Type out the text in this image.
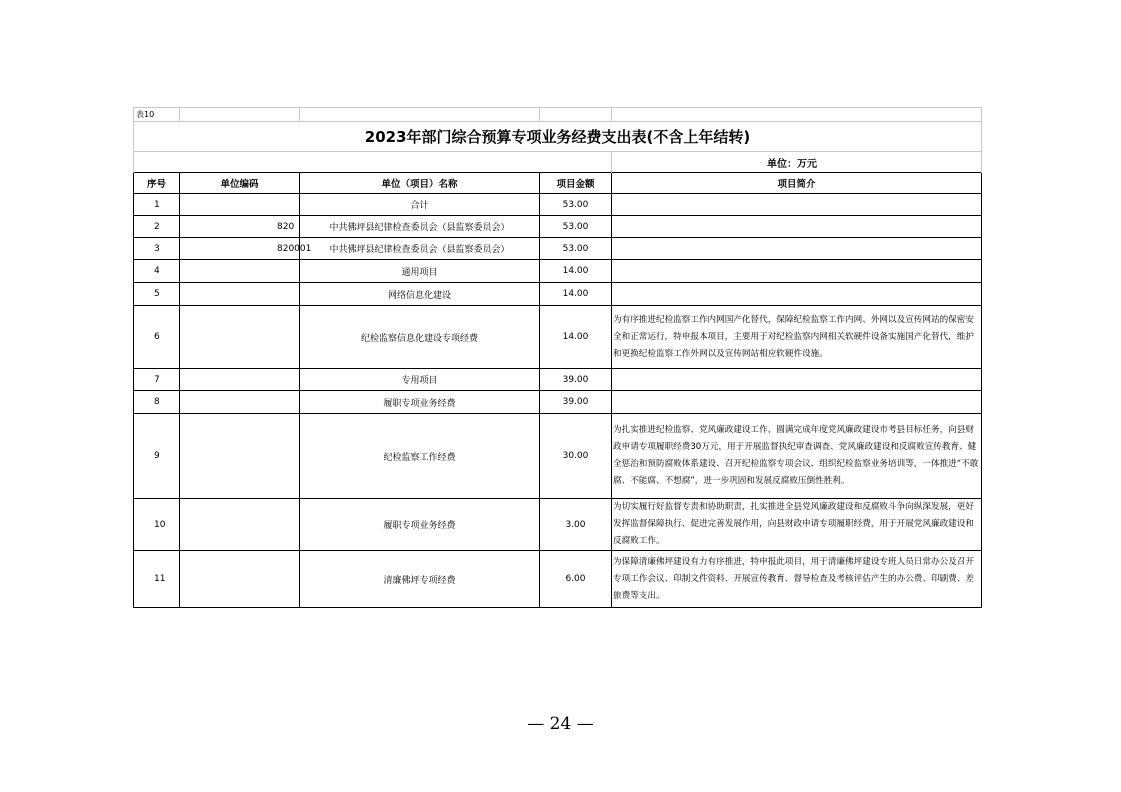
表10				
2023年部门综合预算专项业务经费支出表(不含上年结转)				
				单位：万元
序号	单位编码	单位（项目）名称	项目金额	项目简介
1		合计	53.00	
2	820	中共佛坪县纪律检查委员会（县监察委员会）	53.00	
3	820001	中共佛坪县纪律检查委员会（县监察委员会）	53.00	
4		通用项目	14.00	
5		网络信息化建设	14.00	
6		纪检监察信息化建设专项经费	14.00	为有序推进纪检监察工作内网国产化替代，保障纪检监察工作内网、外网以及宣传网站的保密安全和正常运行，特申报本项目，主要用于对纪检监察内网相关软硬件设备实施国产化替代，维护和更换纪检监察工作外网以及宣传网站相应软硬件设施。
7		专用项目	39.00	
8		履职专项业务经费	39.00	
9		纪检监察工作经费	30.00	为扎实推进纪检监察、党风廉政建设工作，圆满完成年度党风廉政建设市考县目标任务，向县财政申请专项履职经费30万元，用于开展监督执纪审查调查、党风廉政建设和反腐败宣传教育、健全惩治和预防腐败体系建设、召开纪检监察专项会议、组织纪检监察业务培训等，一体推进“不敢腐、不能腐、不想腐”，进一步巩固和发展反腐败压倒性胜利。
10		履职专项业务经费	3.00	为切实履行好监督专责和协助职责，扎实推进全县党风廉政建设和反腐败斗争向纵深发展，更好发挥监督保障执行、促进完善发展作用，向县财政申请专项履职经费，用于开展党风廉政建设和反腐败工作。
11		清廉佛坪专项经费	6.00	为保障清廉佛坪建设有力有序推进，特申报此项目，用于清廉佛坪建设专班人员日常办公及召开专项工作会议、印制文件资料、开展宣传教育、督导检查及考核评估产生的办公费、印刷费、差旅费等支出。
— 24 —
